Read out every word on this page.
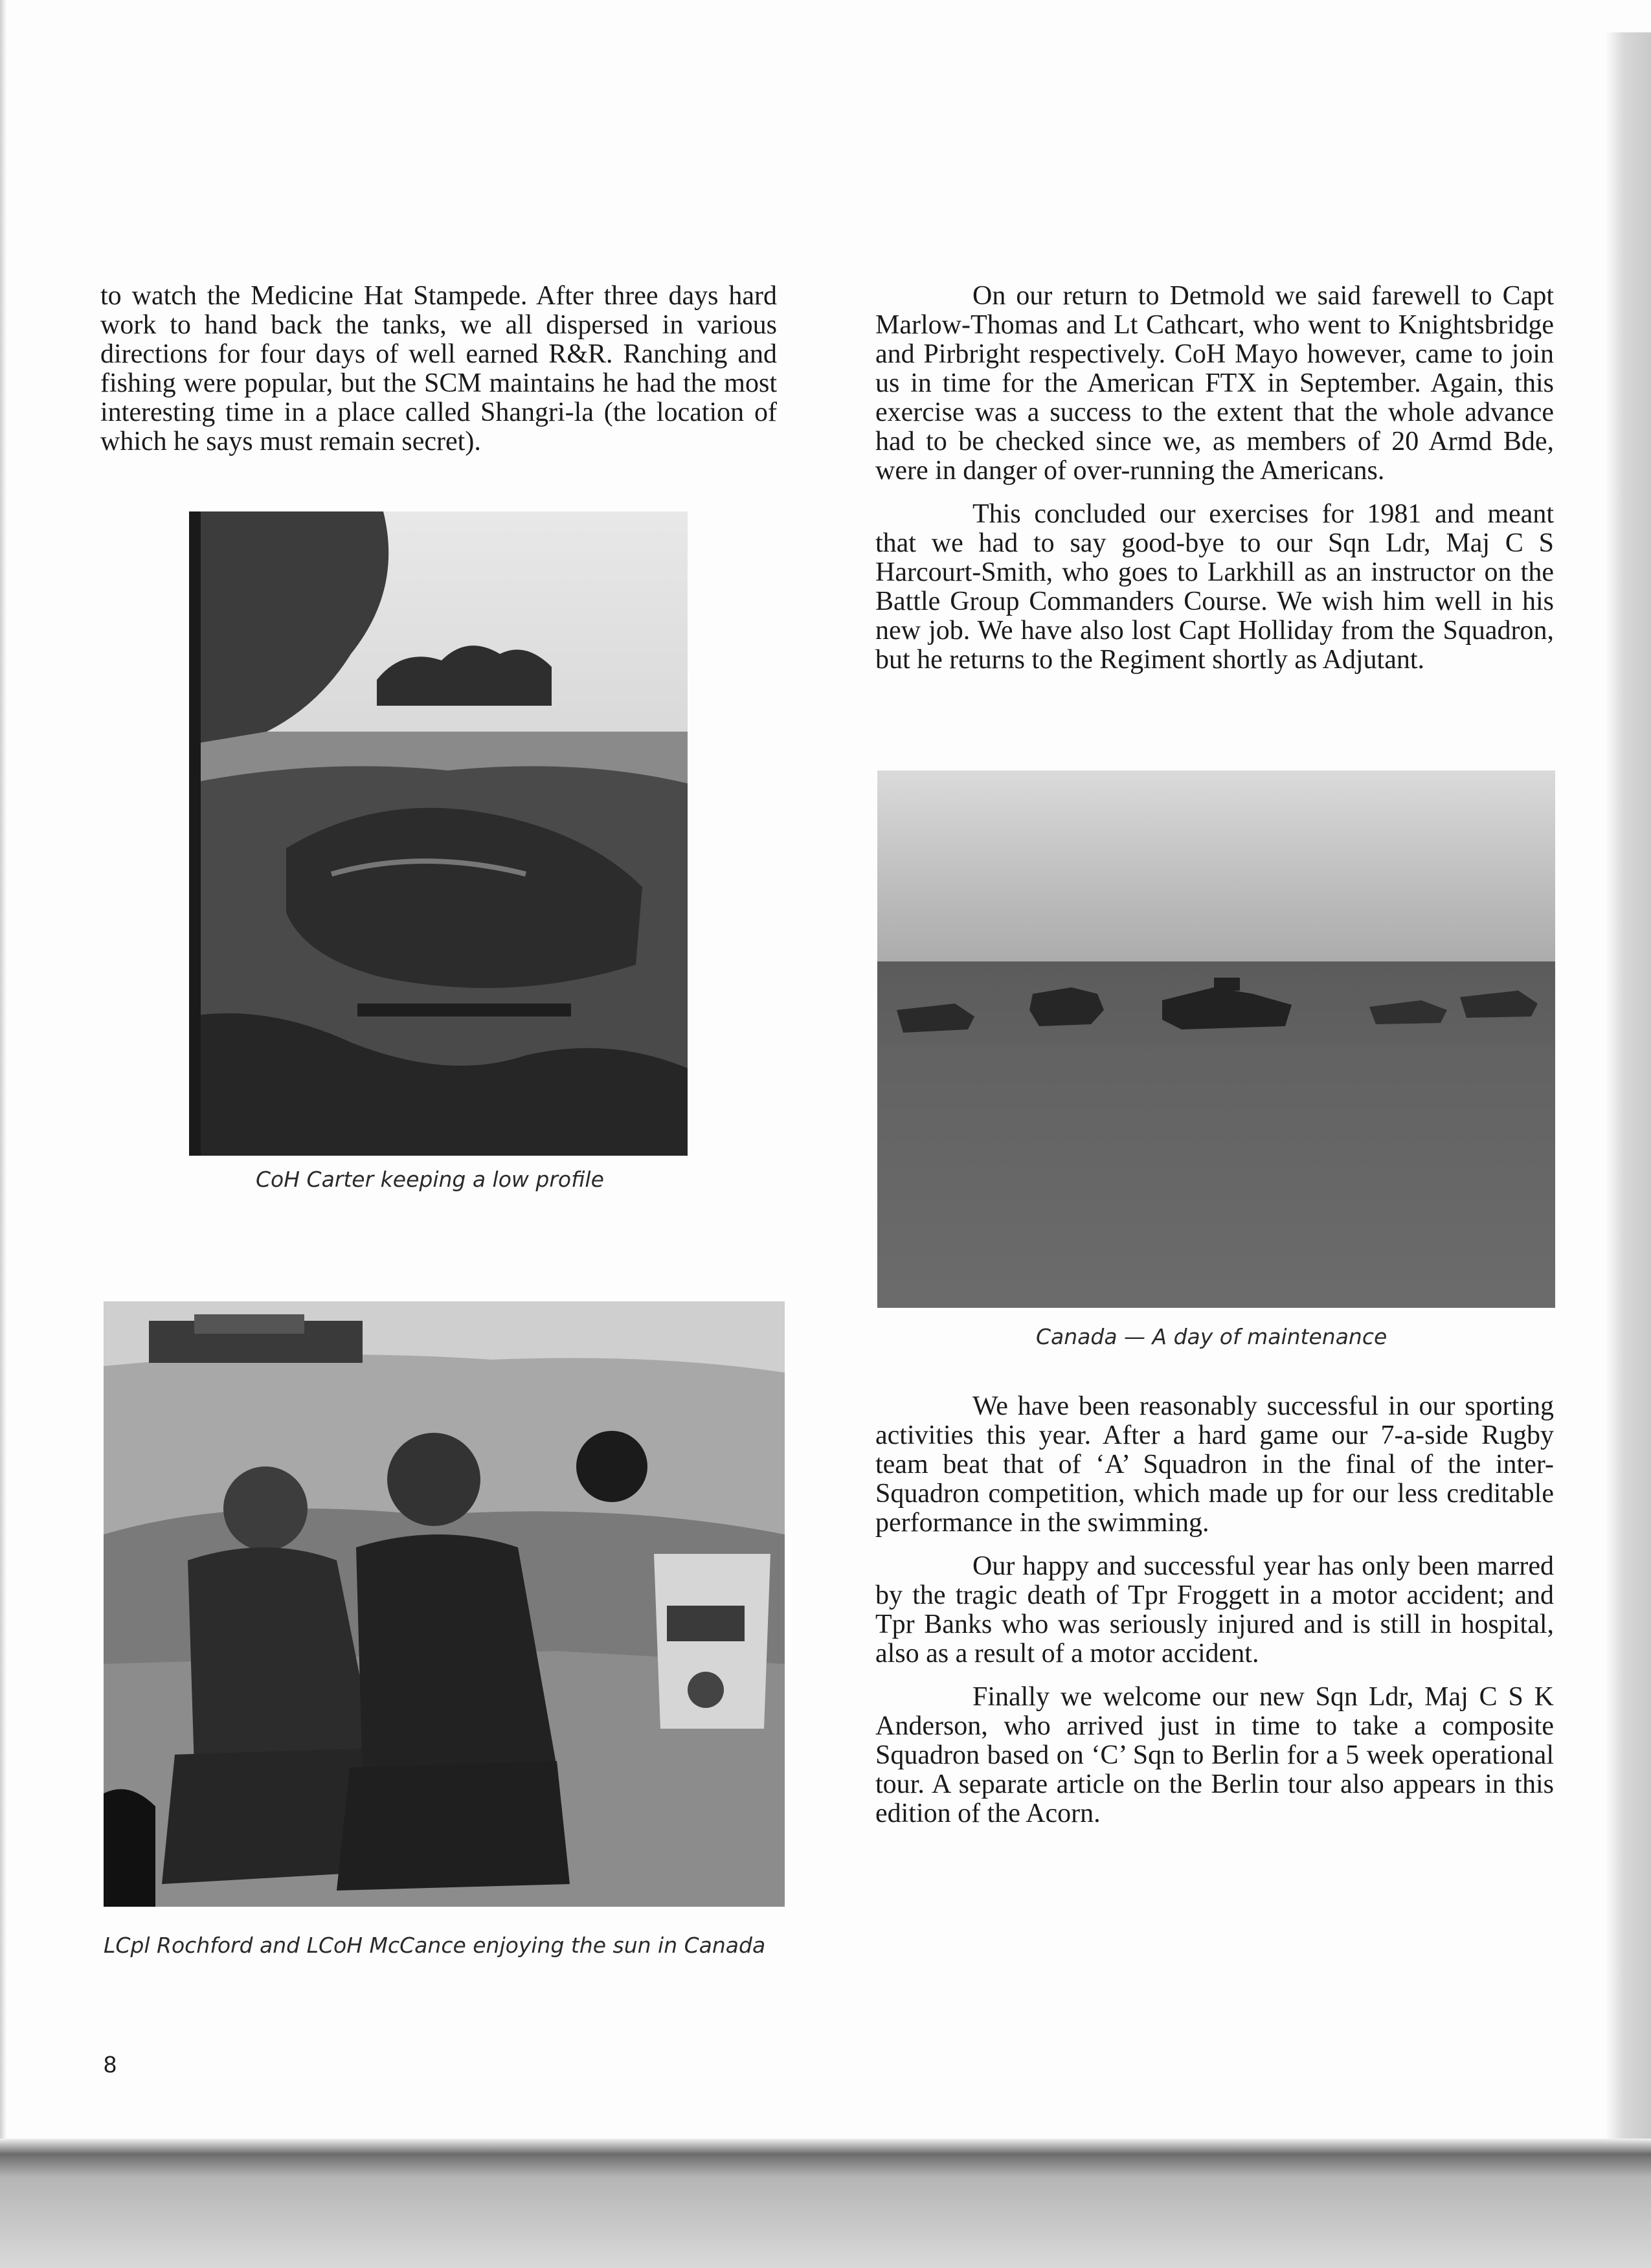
to watch the Medicine Hat Stampede. After three days hard work to hand back the tanks, we all dispersed in various directions for four days of well earned R&R. Ranching and fishing were popular, but the SCM maintains he had the most interesting time in a place called Shangri-la (the location of which he says must remain secret).

On our return to Detmold we said farewell to Capt Marlow-Thomas and Lt Cathcart, who went to Knightsbridge and Pirbright respectively. CoH Mayo however, came to join us in time for the American FTX in September. Again, this exercise was a success to the extent that the whole advance had to be checked since we, as members of 20 Armd Bde, were in danger of over-running the Americans.

This concluded our exercises for 1981 and meant that we had to say good-bye to our Sqn Ldr, Maj C S Harcourt-Smith, who goes to Larkhill as an instructor on the Battle Group Commanders Course. We wish him well in his new job. We have also lost Capt Holliday from the Squadron, but he returns to the Regiment shortly as Adjutant.

We have been reasonably successful in our sporting activities this year. After a hard game our 7-a-side Rugby team beat that of ‘A’ Squadron in the final of the inter-Squadron competition, which made up for our less creditable performance in the swimming.

Our happy and successful year has only been marred by the tragic death of Tpr Froggett in a motor accident; and Tpr Banks who was seriously injured and is still in hospital, also as a result of a motor accident.

Finally we welcome our new Sqn Ldr, Maj C S K Anderson, who arrived just in time to take a composite Squadron based on ‘C’ Sqn to Berlin for a 5 week operational tour. A separate article on the Berlin tour also appears in this edition of the Acorn.

CoH Carter keeping a low profile
Canada — A day of maintenance
LCpl Rochford and LCoH McCance enjoying the sun in Canada
8
